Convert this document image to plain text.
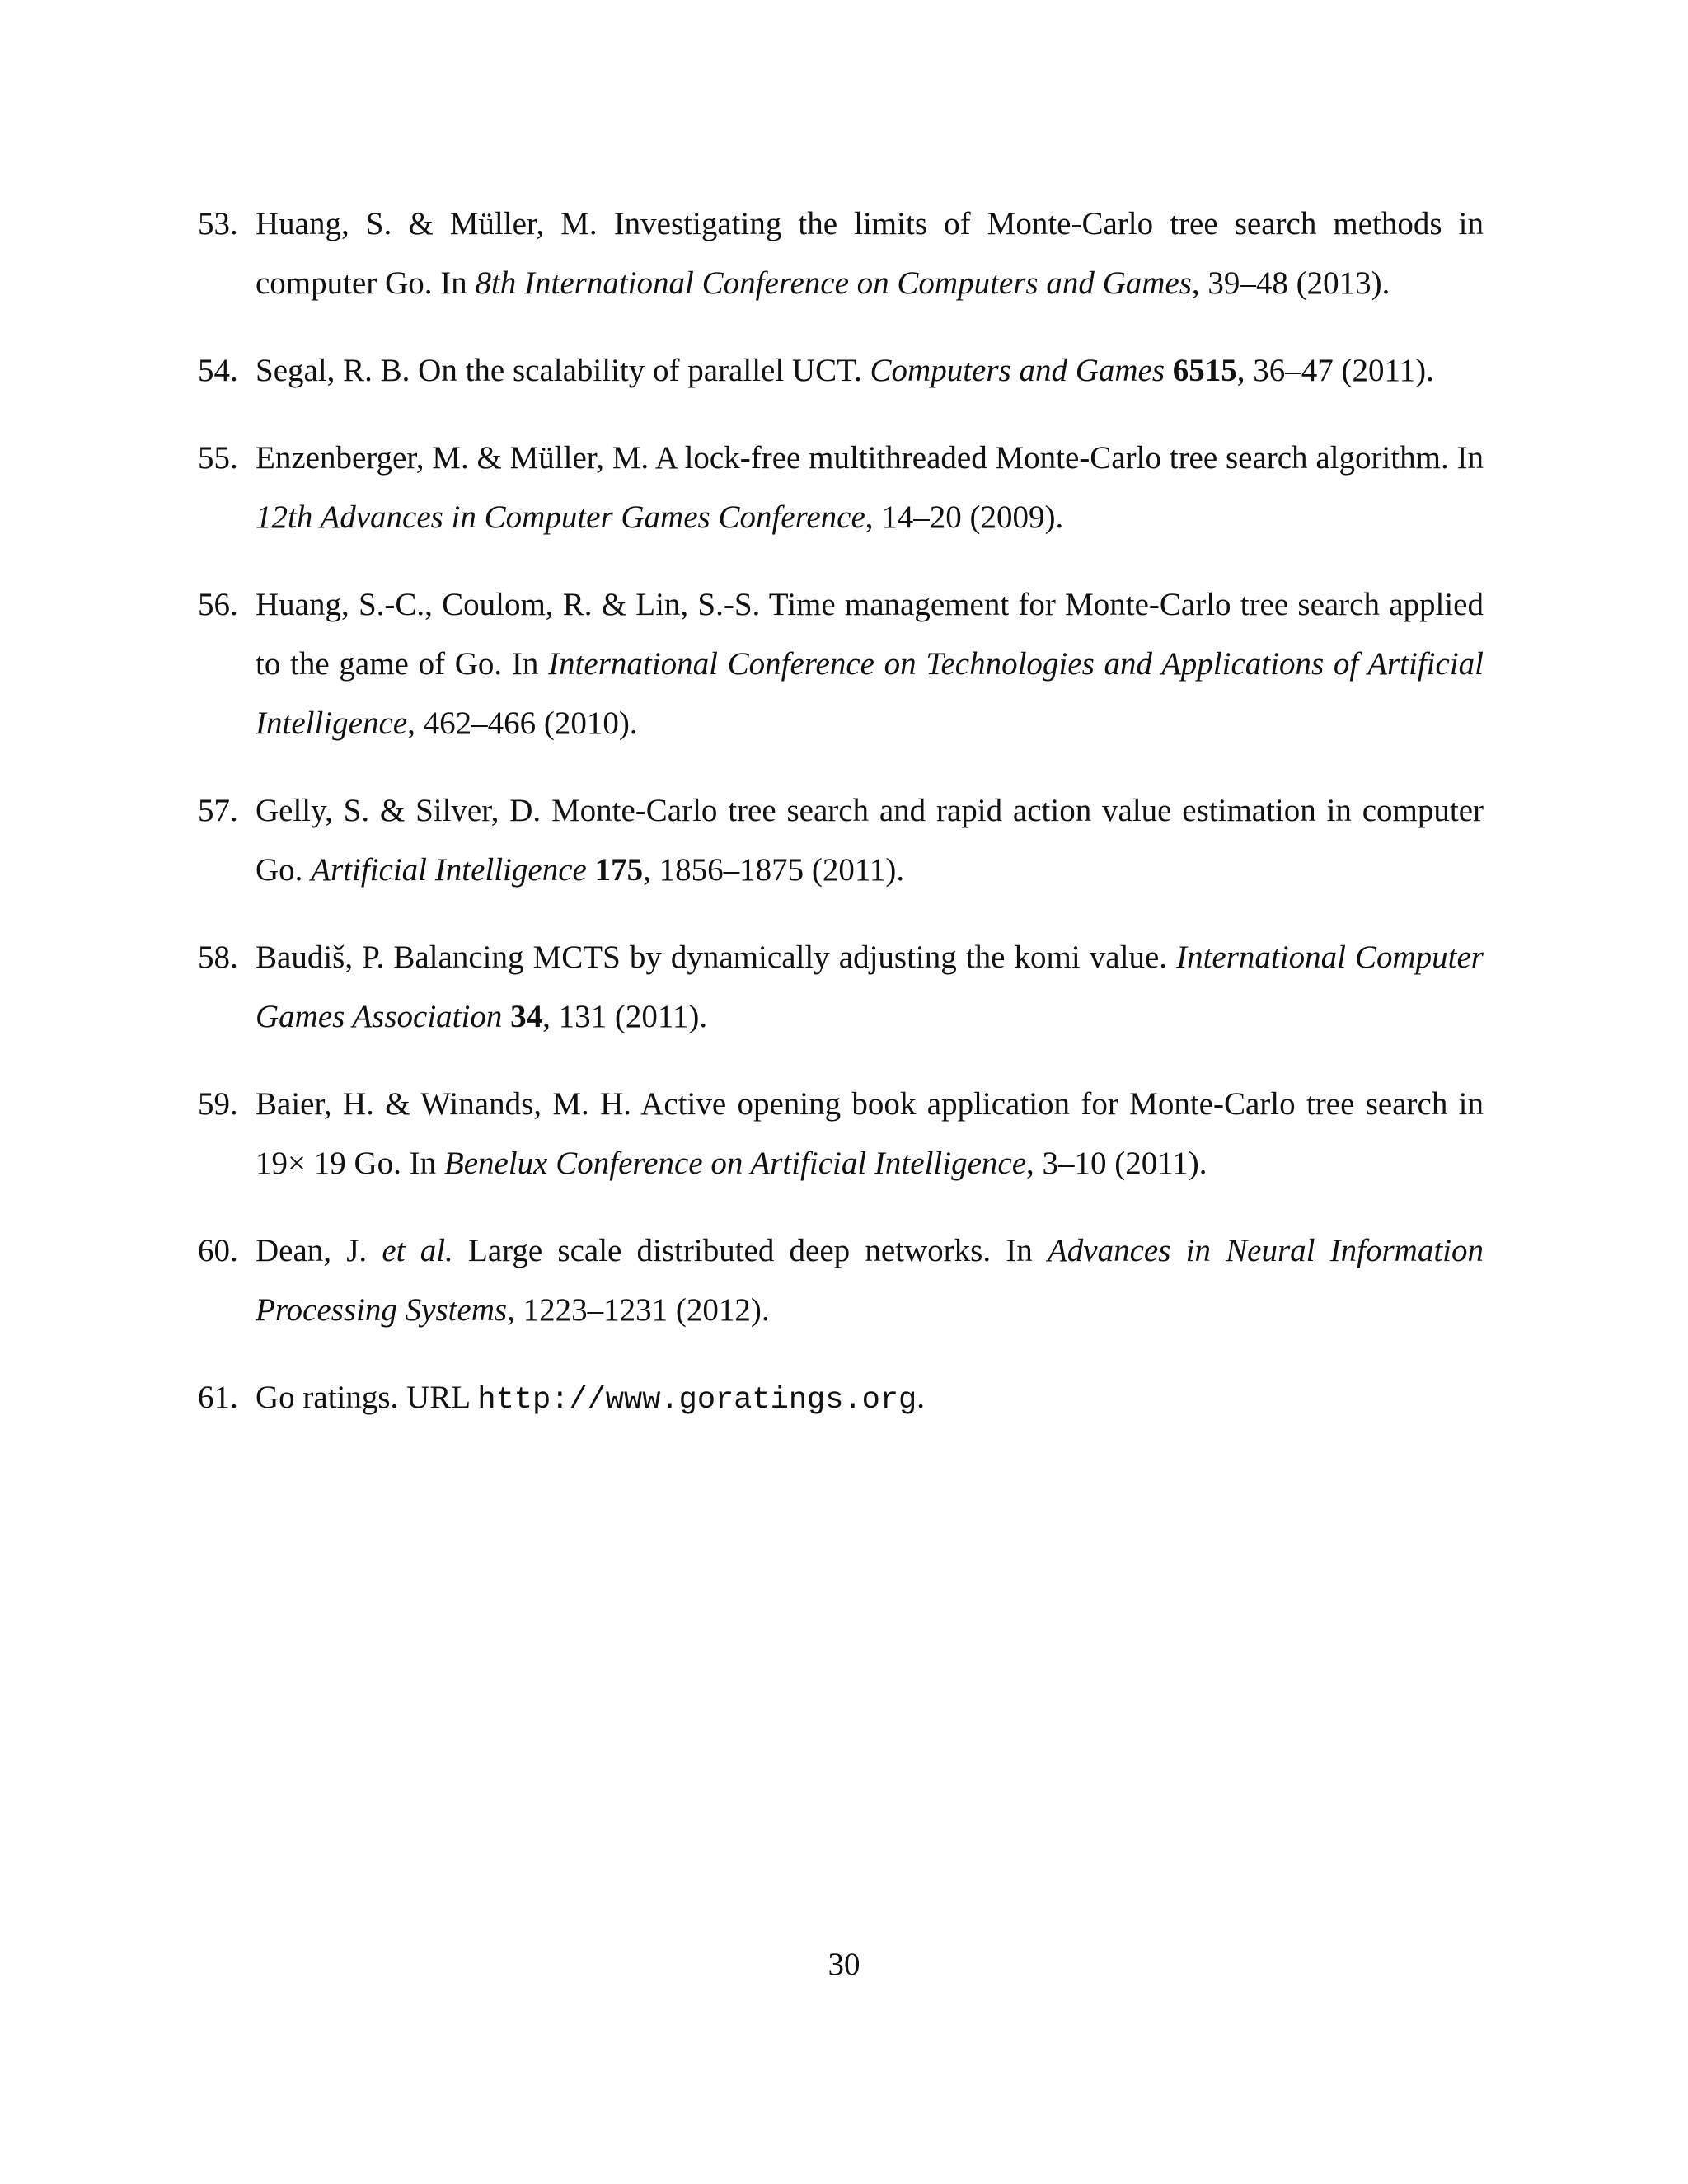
53. Huang, S. & Müller, M. Investigating the limits of Monte-Carlo tree search methods in computer Go. In 8th International Conference on Computers and Games, 39–48 (2013).
54. Segal, R. B. On the scalability of parallel UCT. Computers and Games 6515, 36–47 (2011).
55. Enzenberger, M. & Müller, M. A lock-free multithreaded Monte-Carlo tree search algorithm. In 12th Advances in Computer Games Conference, 14–20 (2009).
56. Huang, S.-C., Coulom, R. & Lin, S.-S. Time management for Monte-Carlo tree search applied to the game of Go. In International Conference on Technologies and Applications of Artificial Intelligence, 462–466 (2010).
57. Gelly, S. & Silver, D. Monte-Carlo tree search and rapid action value estimation in computer Go. Artificial Intelligence 175, 1856–1875 (2011).
58. Baudiš, P. Balancing MCTS by dynamically adjusting the komi value. International Computer Games Association 34, 131 (2011).
59. Baier, H. & Winands, M. H. Active opening book application for Monte-Carlo tree search in 19× 19 Go. In Benelux Conference on Artificial Intelligence, 3–10 (2011).
60. Dean, J. et al. Large scale distributed deep networks. In Advances in Neural Information Processing Systems, 1223–1231 (2012).
61. Go ratings. URL http://www.goratings.org.
30
